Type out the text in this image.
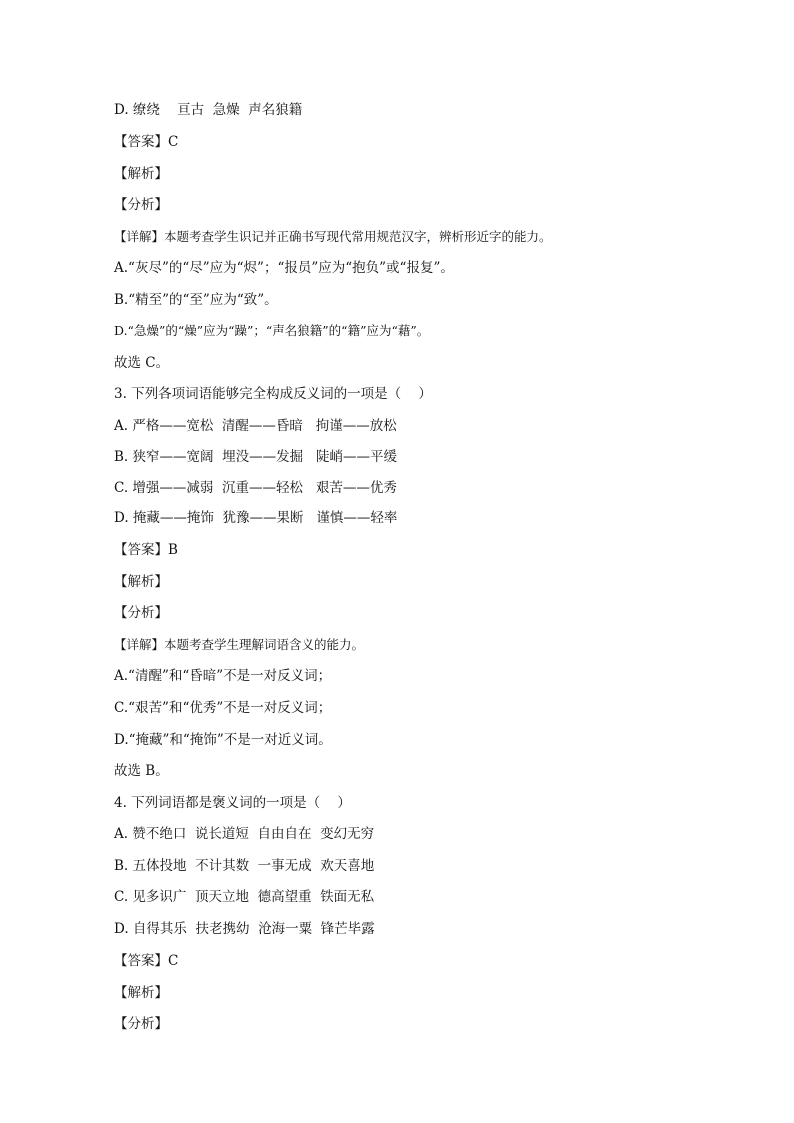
D. 缭绕    亘古  急燥  声名狼籍
【答案】C
【解析】
【分析】
【详解】本题考查学生识记并正确书写现代常用规范汉字，辨析形近字的能力。
A.“灰尽”的“尽”应为“烬”；“报员”应为“抱负”或“报复”。
B.“精至”的“至”应为“致”。
D.“急燥”的“燥”应为“躁”；“声名狼籍”的“籍”应为“藉”。
故选 C。
3. 下列各项词语能够完全构成反义词的一项是（    ）
A. 严格——宽松  清醒——昏暗   拘谨——放松
B. 狭窄——宽阔  埋没——发掘   陡峭——平缓
C. 增强——减弱  沉重——轻松   艰苦——优秀
D. 掩藏——掩饰  犹豫——果断   谨慎——轻率
【答案】B
【解析】
【分析】
【详解】本题考查学生理解词语含义的能力。
A.“清醒”和“昏暗”不是一对反义词；
C.“艰苦”和“优秀”不是一对反义词；
D.“掩藏”和“掩饰”不是一对近义词。
故选 B。
4. 下列词语都是褒义词的一项是（    ）
A. 赞不绝口  说长道短  自由自在  变幻无穷
B. 五体投地  不计其数  一事无成  欢天喜地
C. 见多识广  顶天立地  德高望重  铁面无私
D. 自得其乐  扶老携幼  沧海一粟  锋芒毕露
【答案】C
【解析】
【分析】
